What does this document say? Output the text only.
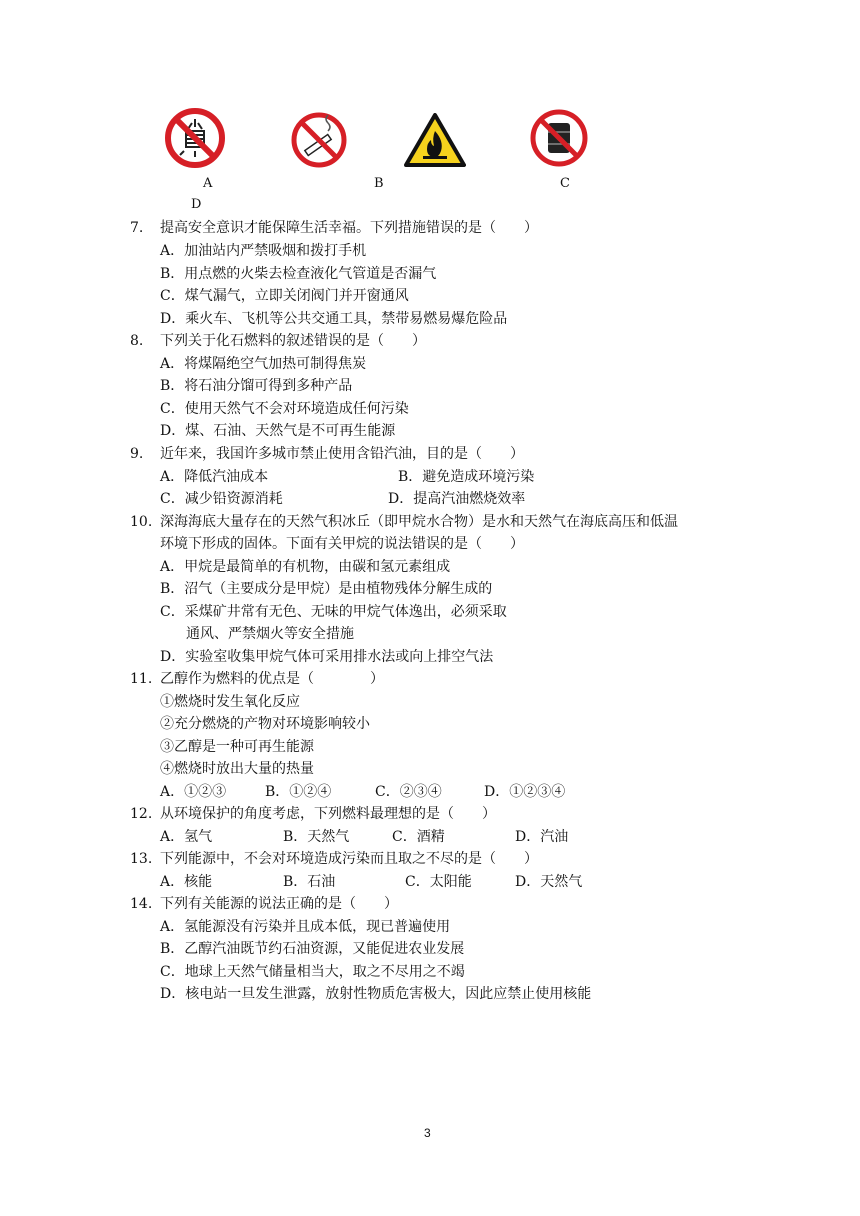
A	B	C
D
7. 提高安全意识才能保障生活幸福。下列措施错误的是（　　）
A．加油站内严禁吸烟和拨打手机
B．用点燃的火柴去检查液化气管道是否漏气
C．煤气漏气，立即关闭阀门并开窗通风
D．乘火车、飞机等公共交通工具，禁带易燃易爆危险品
8. 下列关于化石燃料的叙述错误的是（　　）
A．将煤隔绝空气加热可制得焦炭
B．将石油分馏可得到多种产品
C．使用天然气不会对环境造成任何污染
D．煤、石油、天然气是不可再生能源
9. 近年来，我国许多城市禁止使用含铅汽油，目的是（　　）
A．降低汽油成本	B．避免造成环境污染
C．减少铅资源消耗	D．提高汽油燃烧效率
10. 深海海底大量存在的天然气积冰丘（即甲烷水合物）是水和天然气在海底高压和低温
环境下形成的固体。下面有关甲烷的说法错误的是（　　）
A．甲烷是最简单的有机物，由碳和氢元素组成
B．沼气（主要成分是甲烷）是由植物残体分解生成的
C．采煤矿井常有无色、无味的甲烷气体逸出，必须采取
通风、严禁烟火等安全措施
D．实验室收集甲烷气体可采用排水法或向上排空气法
11. 乙醇作为燃料的优点是（　　　　）
①燃烧时发生氧化反应
②充分燃烧的产物对环境影响较小
③乙醇是一种可再生能源
④燃烧时放出大量的热量
A．①②③	B．①②④	C．②③④	D．①②③④
12. 从环境保护的角度考虑，下列燃料最理想的是（　　）
A．氢气	B．天然气	C．酒精	D．汽油
13. 下列能源中，不会对环境造成污染而且取之不尽的是（　　）
A．核能	B．石油	C．太阳能	D．天然气
14. 下列有关能源的说法正确的是（　　）
A．氢能源没有污染并且成本低，现已普遍使用
B．乙醇汽油既节约石油资源，又能促进农业发展
C．地球上天然气储量相当大，取之不尽用之不竭
D．核电站一旦发生泄露，放射性物质危害极大，因此应禁止使用核能
3
